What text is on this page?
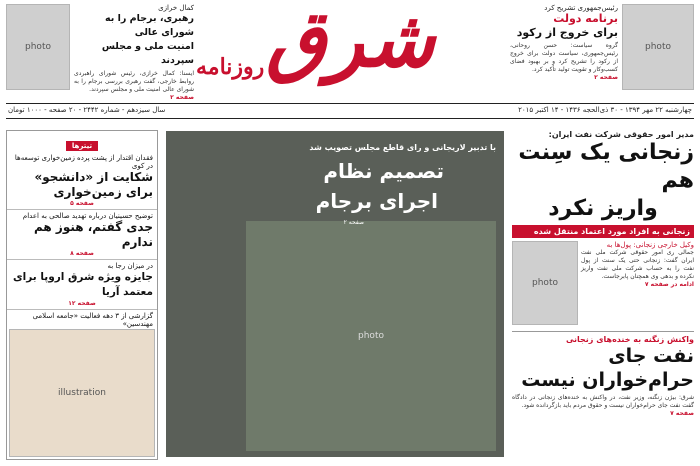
photo
رئیس‌جمهوری تشریح کرد
برنامه دولت
برای خروج از رکود
گروه سیاست: حسن روحانی، رئیس‌جمهوری، سیاست دولت برای خروج از رکود را تشریح کرد و بر بهبود فضای کسب‌وکار و تقویت تولید تأکید کرد.
صفحه ۲
شرق
روزنامه
کمال خرازی
رهبری، برجام را به شورای عالی
امنیت ملی و مجلس سپردند
ایسنا: کمال خرازی، رئیس شورای راهبردی روابط خارجی، گفت رهبری بررسی برجام را به شورای عالی امنیت ملی و مجلس سپردند.
صفحه ۲
photo
چهارشنبه ۲۲ مهر ۱۳۹۴ - ۳۰ ذی‌الحجه ۱۴۳۶ - ۱۴ اکتبر ۲۰۱۵
سال سیزدهم - شماره ۲۴۴۲ - ۲۰ صفحه - ۱۰۰۰ تومان
تیترها
فقدان اقتدار از پشت پرده زمین‌خواری توسعه‌ها در کوی
شکایت از «دانشجو»
برای زمین‌خواری
صفحه ۵
توضیح حسینیان درباره تهدید صالحی به اعدام
جدی گفتم، هنوز هم ندارم
صفحه ۸
در میزان رجا به
جایزه ویژه شرق اروپا برای معتمد آریا
صفحه ۱۲
گزارشی از ۳ دهه فعالیت «جامعه اسلامی مهندسین»
illustration
photo
با تدبیر لاریجانی و رای قاطع مجلس تصویب شد
تصمیم نظام
اجرای برجام
صفحه ۲
مدیر امور حقوقی شرکت نفت ایران:
زنجانی یک سِنت هم
واریز نکرد
زنجانی به افراد مورد اعتماد منتقل شده
وکیل خارجی زنجانی: پول‌ها به
جمالی ری امور حقوقی شرکت ملی نفت ایران گفت: زنجانی حتی یک سنت از پول نفت را به حساب شرکت ملی نفت واریز نکرده و بدهی وی همچنان پابرجاست.
ادامه در صفحه ۷
photo
واکنش زنگنه به خنده‌های زنجانی
نفت جای
حرام‌خواران نیست
شرق: بیژن زنگنه، وزیر نفت، در واکنش به خنده‌های زنجانی در دادگاه گفت نفت جای حرام‌خواران نیست و حقوق مردم باید بازگردانده شود.
صفحه ۷
